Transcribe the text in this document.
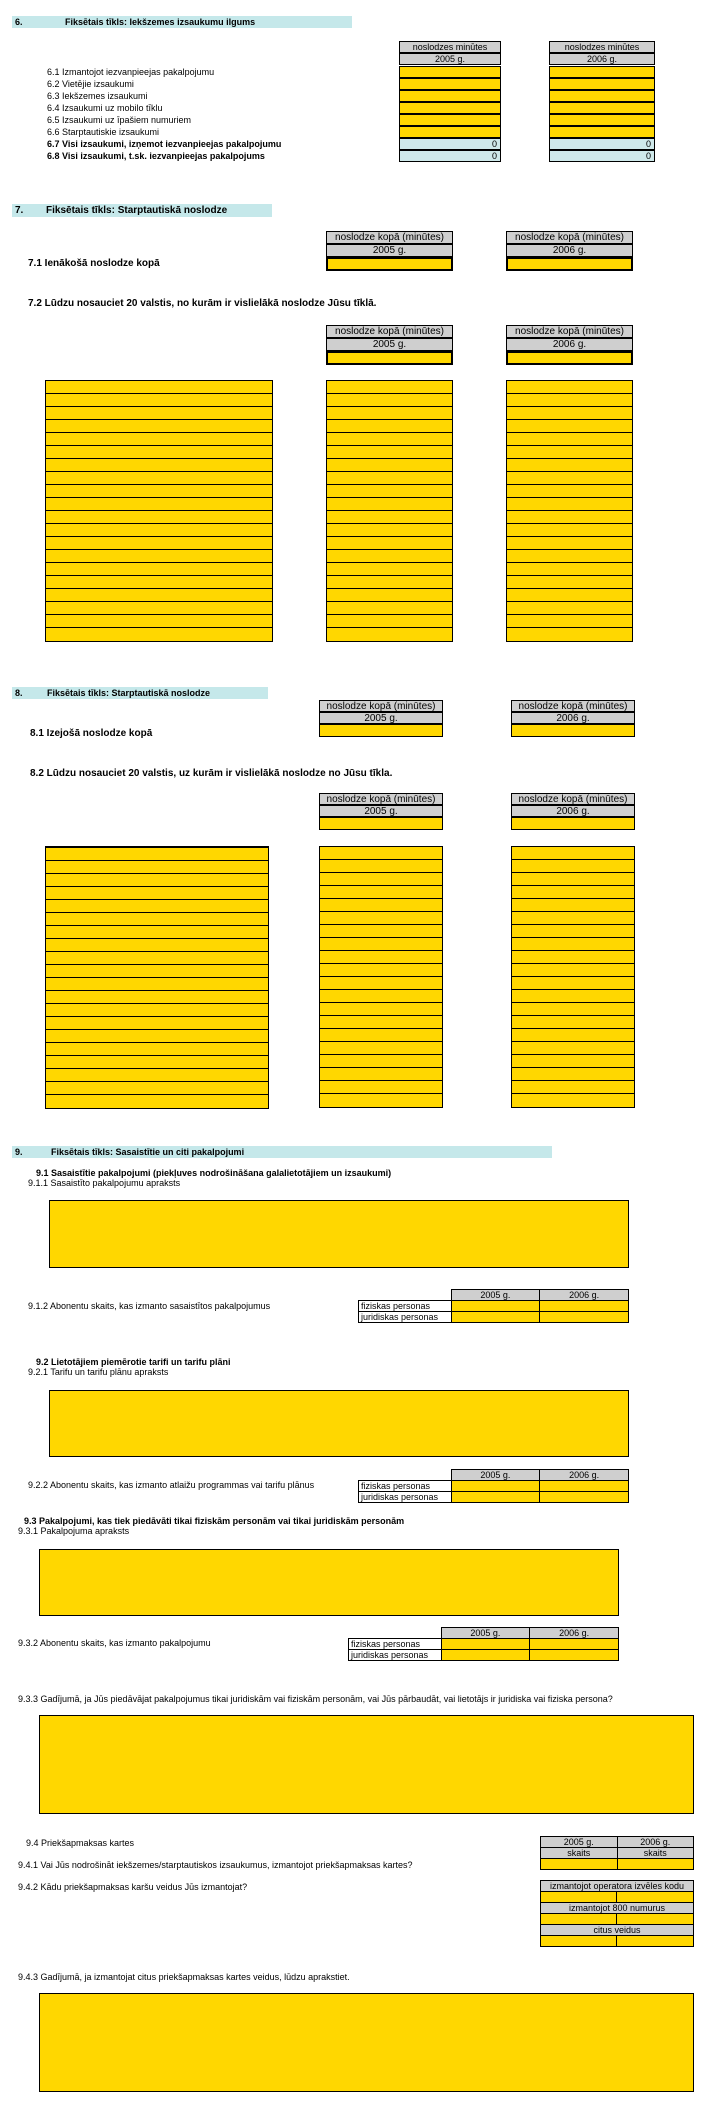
6.	Fiksētais tīkls: Iekšzemes izsaukumu ilgums
noslodzes minūtes
2005 g.
noslodzes minūtes
2006 g.
6.1 Izmantojot iezvanpieejas pakalpojumu
6.2 Vietējie izsaukumi
6.3 Iekšzemes izsaukumi
6.4 Izsaukumi uz mobilo tīklu
6.5 Izsaukumi uz īpašiem numuriem
6.6 Starptautiskie izsaukumi
6.7 Visi izsaukumi, izņemot iezvanpieejas pakalpojumu	0	0
6.8 Visi izsaukumi, t.sk. iezvanpieejas pakalpojums	0	0
7. Fiksētais tīkls: Starptautiskā noslodze
noslodze kopā (minūtes)
2005 g.
noslodze kopā (minūtes)
2006 g.
7.1 Ienākošā noslodze kopā
7.2 Lūdzu nosauciet 20 valstis, no kurām ir vislielākā noslodze Jūsu tīklā.
noslodze kopā (minūtes)
2005 g.
noslodze kopā (minūtes)
2006 g.
8.	Fiksētais tīkls: Starptautiskā noslodze
noslodze kopā (minūtes)
2005 g.
noslodze kopā (minūtes)
2006 g.
8.1 Izejošā noslodze kopā
8.2 Lūdzu nosauciet 20 valstis, uz kurām ir vislielākā noslodze no Jūsu tīkla.
noslodze kopā (minūtes)
2005 g.
noslodze kopā (minūtes)
2006 g.
9.	Fiksētais tīkls: Sasaistītie un citi pakalpojumi
9.1 Sasaistītie pakalpojumi (piekļuves nodrošināšana galalietotājiem un izsaukumi)
9.1.1 Sasaistīto pakalpojumu apraksts
9.1.2 Abonentu skaits, kas izmanto sasaistītos pakalpojumus
	2005 g.	2006 g.
fiziskas personas		
juridiskas personas		
9.2 Lietotājiem piemērotie tarifi un tarifu plāni
9.2.1 Tarifu un tarifu plānu apraksts
9.2.2 Abonentu skaits, kas izmanto atlaižu programmas vai tarifu plānus
	2005 g.	2006 g.
fiziskas personas		
juridiskas personas		
9.3 Pakalpojumi, kas tiek piedāvāti tikai fiziskām personām vai tikai juridiskām personām
9.3.1 Pakalpojuma apraksts
9.3.2 Abonentu skaits, kas izmanto pakalpojumu
	2005 g.	2006 g.
fiziskas personas		
juridiskas personas		
9.3.3 Gadījumā, ja Jūs piedāvājat pakalpojumus tikai juridiskām vai fiziskām personām, vai Jūs pārbaudāt, vai lietotājs ir juridiska vai fiziska persona?
9.4 Priekšapmaksas kartes
9.4.1 Vai Jūs nodrošināt iekšzemes/starptautiskos izsaukumus, izmantojot priekšapmaksas kartes?
2005 g.	2006 g.
skaits	skaits

9.4.2 Kādu priekšapmaksas karšu veidus Jūs izmantojat?	izmantojot operatora izvēles kodu	

izmantojot 800 numurus	

citus veidus	

9.4.3 Gadījumā, ja izmantojat citus priekšapmaksas kartes veidus, lūdzu aprakstiet.
